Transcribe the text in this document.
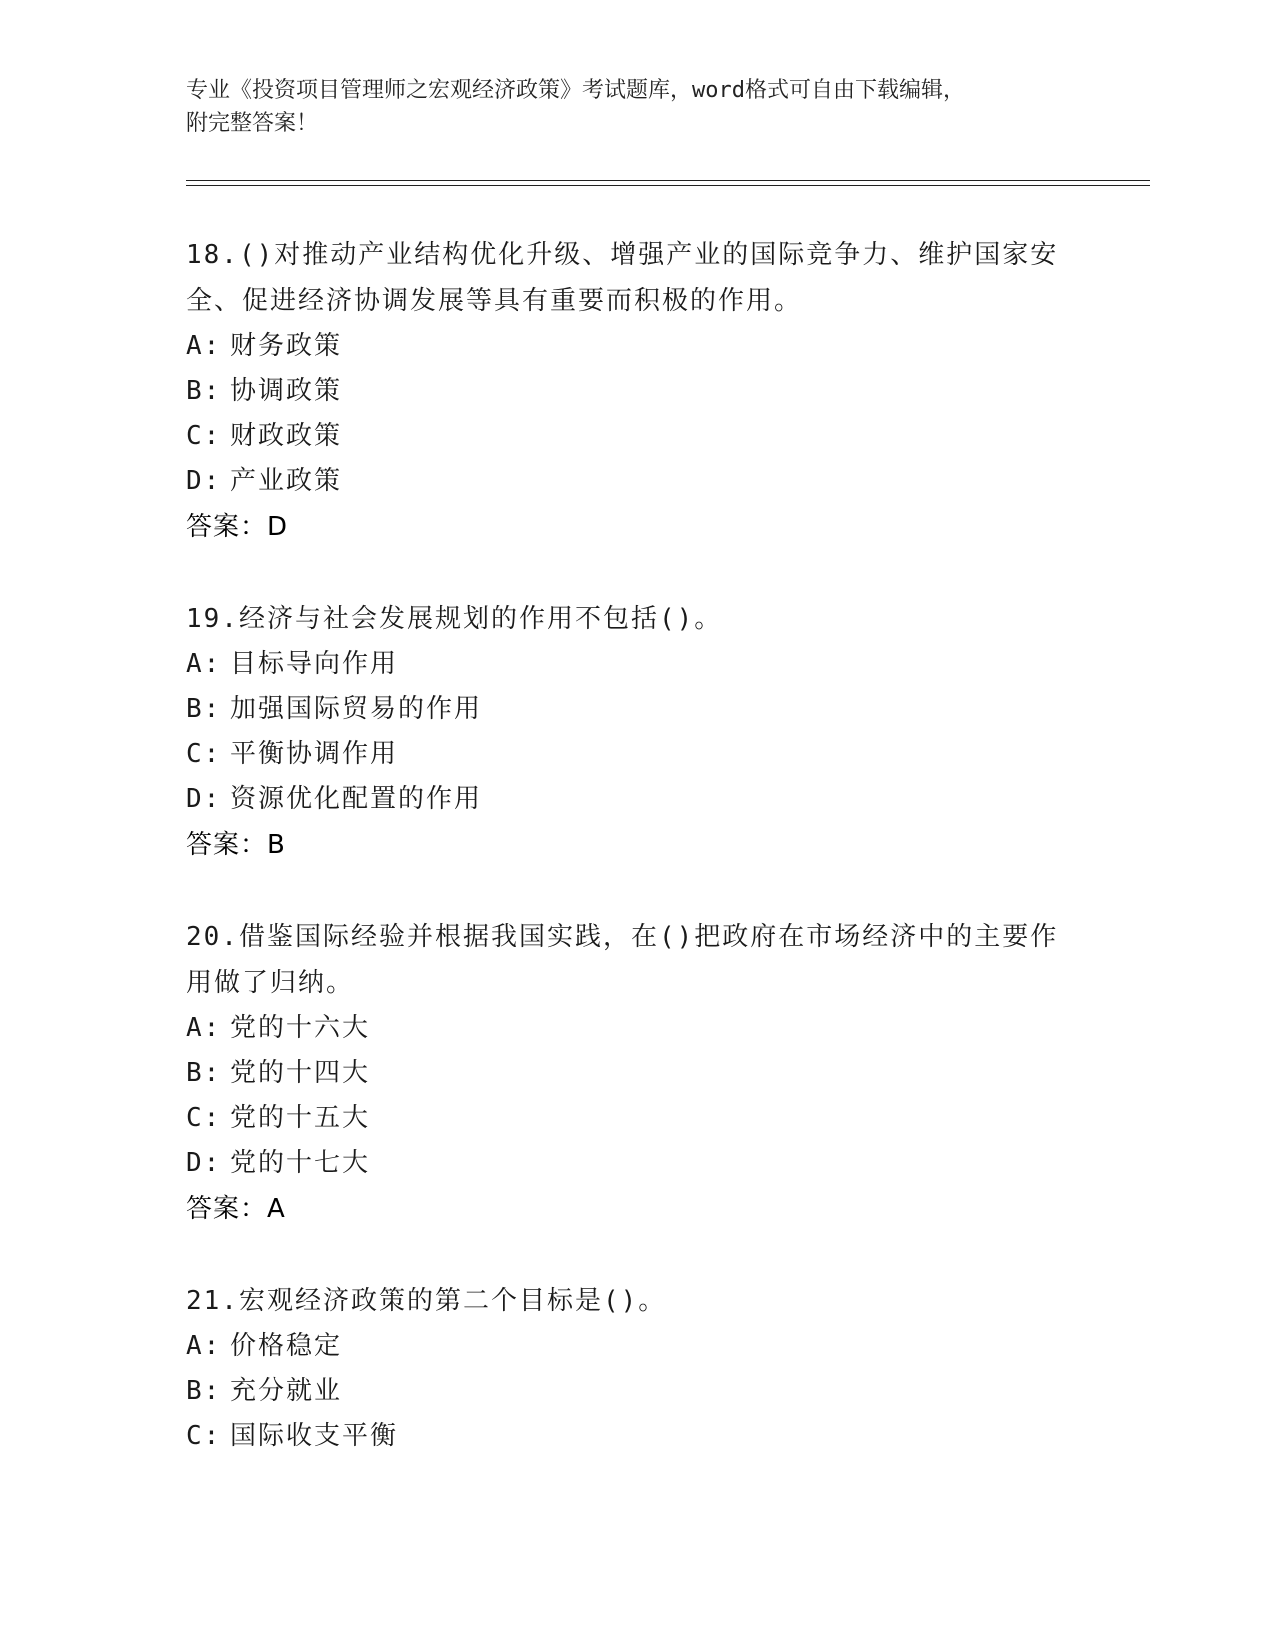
专业《投资项目管理师之宏观经济政策》考试题库，word格式可自由下载编辑，
附完整答案！
18.()对推动产业结构优化升级、增强产业的国际竞争力、维护国家安
全、促进经济协调发展等具有重要而积极的作用。
A: 财务政策
B: 协调政策
C: 财政政策
D: 产业政策
答案：D
19.经济与社会发展规划的作用不包括()。
A: 目标导向作用
B: 加强国际贸易的作用
C: 平衡协调作用
D: 资源优化配置的作用
答案：B
20.借鉴国际经验并根据我国实践，在()把政府在市场经济中的主要作
用做了归纳。
A: 党的十六大
B: 党的十四大
C: 党的十五大
D: 党的十七大
答案：A
21.宏观经济政策的第二个目标是()。
A: 价格稳定
B: 充分就业
C: 国际收支平衡
